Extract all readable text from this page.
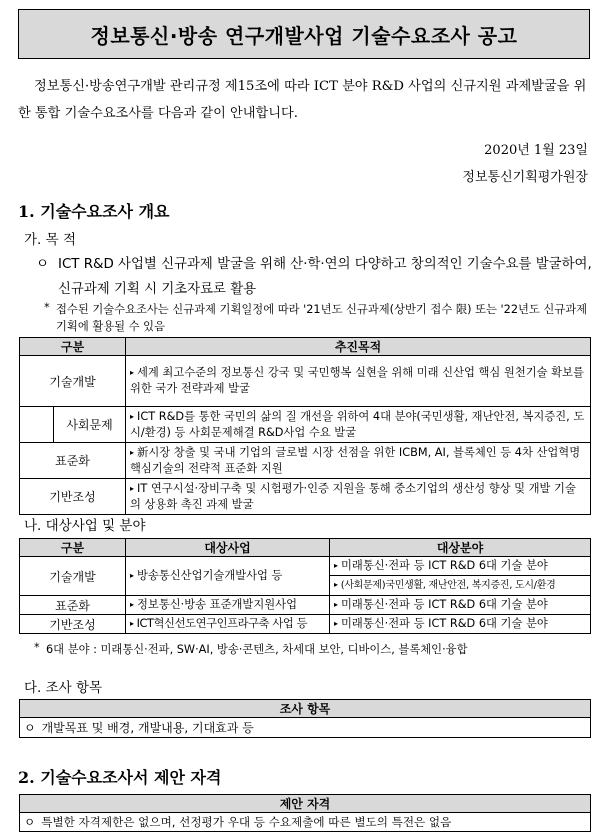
정보통신·방송 연구개발사업 기술수요조사 공고
정보통신·방송연구개발 관리규정 제15조에 따라 ICT 분야 R&D 사업의 신규지원 과제발굴을 위한 통합 기술수요조사를 다음과 같이 안내합니다.
2020년 1월 23일
정보통신기획평가원장
1. 기술수요조사 개요
가. 목 적
ㅇ ICT R&D 사업별 신규과제 발굴을 위해 산·학·연의 다양하고 창의적인 기술수요를 발굴하여, 신규과제 기획 시 기초자료로 활용
* 접수된 기술수요조사는 신규과제 기획일정에 따라 '21년도 신규과제(상반기 접수 限) 또는 '22년도 신규과제기획에 활용될 수 있음
구분		추진목적
기술개발		▸ 세계 최고수준의 정보통신 강국 및 국민행복 실현을 위해 미래 신산업 핵심 원천기술 확보를 위한 국가 전략과제 발굴
	사회문제	▸ ICT R&D를 통한 국민의 삶의 질 개선을 위하여 4대 분야(국민생활, 재난안전, 복지증진, 도시/환경) 등 사회문제해결 R&D사업 수요 발굴
표준화		▸ 新시장 창출 및 국내 기업의 글로벌 시장 선점을 위한 ICBM, AI, 블록체인 등 4차 산업혁명 핵심기술의 전략적 표준화 지원
기반조성		▸ IT 연구시설·장비구축 및 시험평가·인증 지원을 통해 중소기업의 생산성 향상 및 개발 기술의 상용화 촉진 과제 발굴
나. 대상사업 및 분야
구분	대상사업	대상분야
기술개발	▸ 방송통신산업기술개발사업 등	▸ 미래통신·전파 등 ICT R&D 6대 기술 분야
		▸ (사회문제)국민생활, 재난안전, 복지증진, 도시/환경
표준화	▸ 정보통신·방송 표준개발지원사업	▸ 미래통신·전파 등 ICT R&D 6대 기술 분야
기반조성	▸ ICT혁신선도연구인프라구축 사업 등	▸ 미래통신·전파 등 ICT R&D 6대 기술 분야
* 6대 분야 : 미래통신·전파, SW·AI, 방송·콘텐츠, 차세대 보안, 디바이스, 블록체인·융합
다. 조사 항목
조사 항목
ㅇ 개발목표 및 배경, 개발내용, 기대효과 등
2. 기술수요조사서 제안 자격
제안 자격
ㅇ 특별한 자격제한은 없으며, 선정평가 우대 등 수요제출에 따른 별도의 특전은 없음
